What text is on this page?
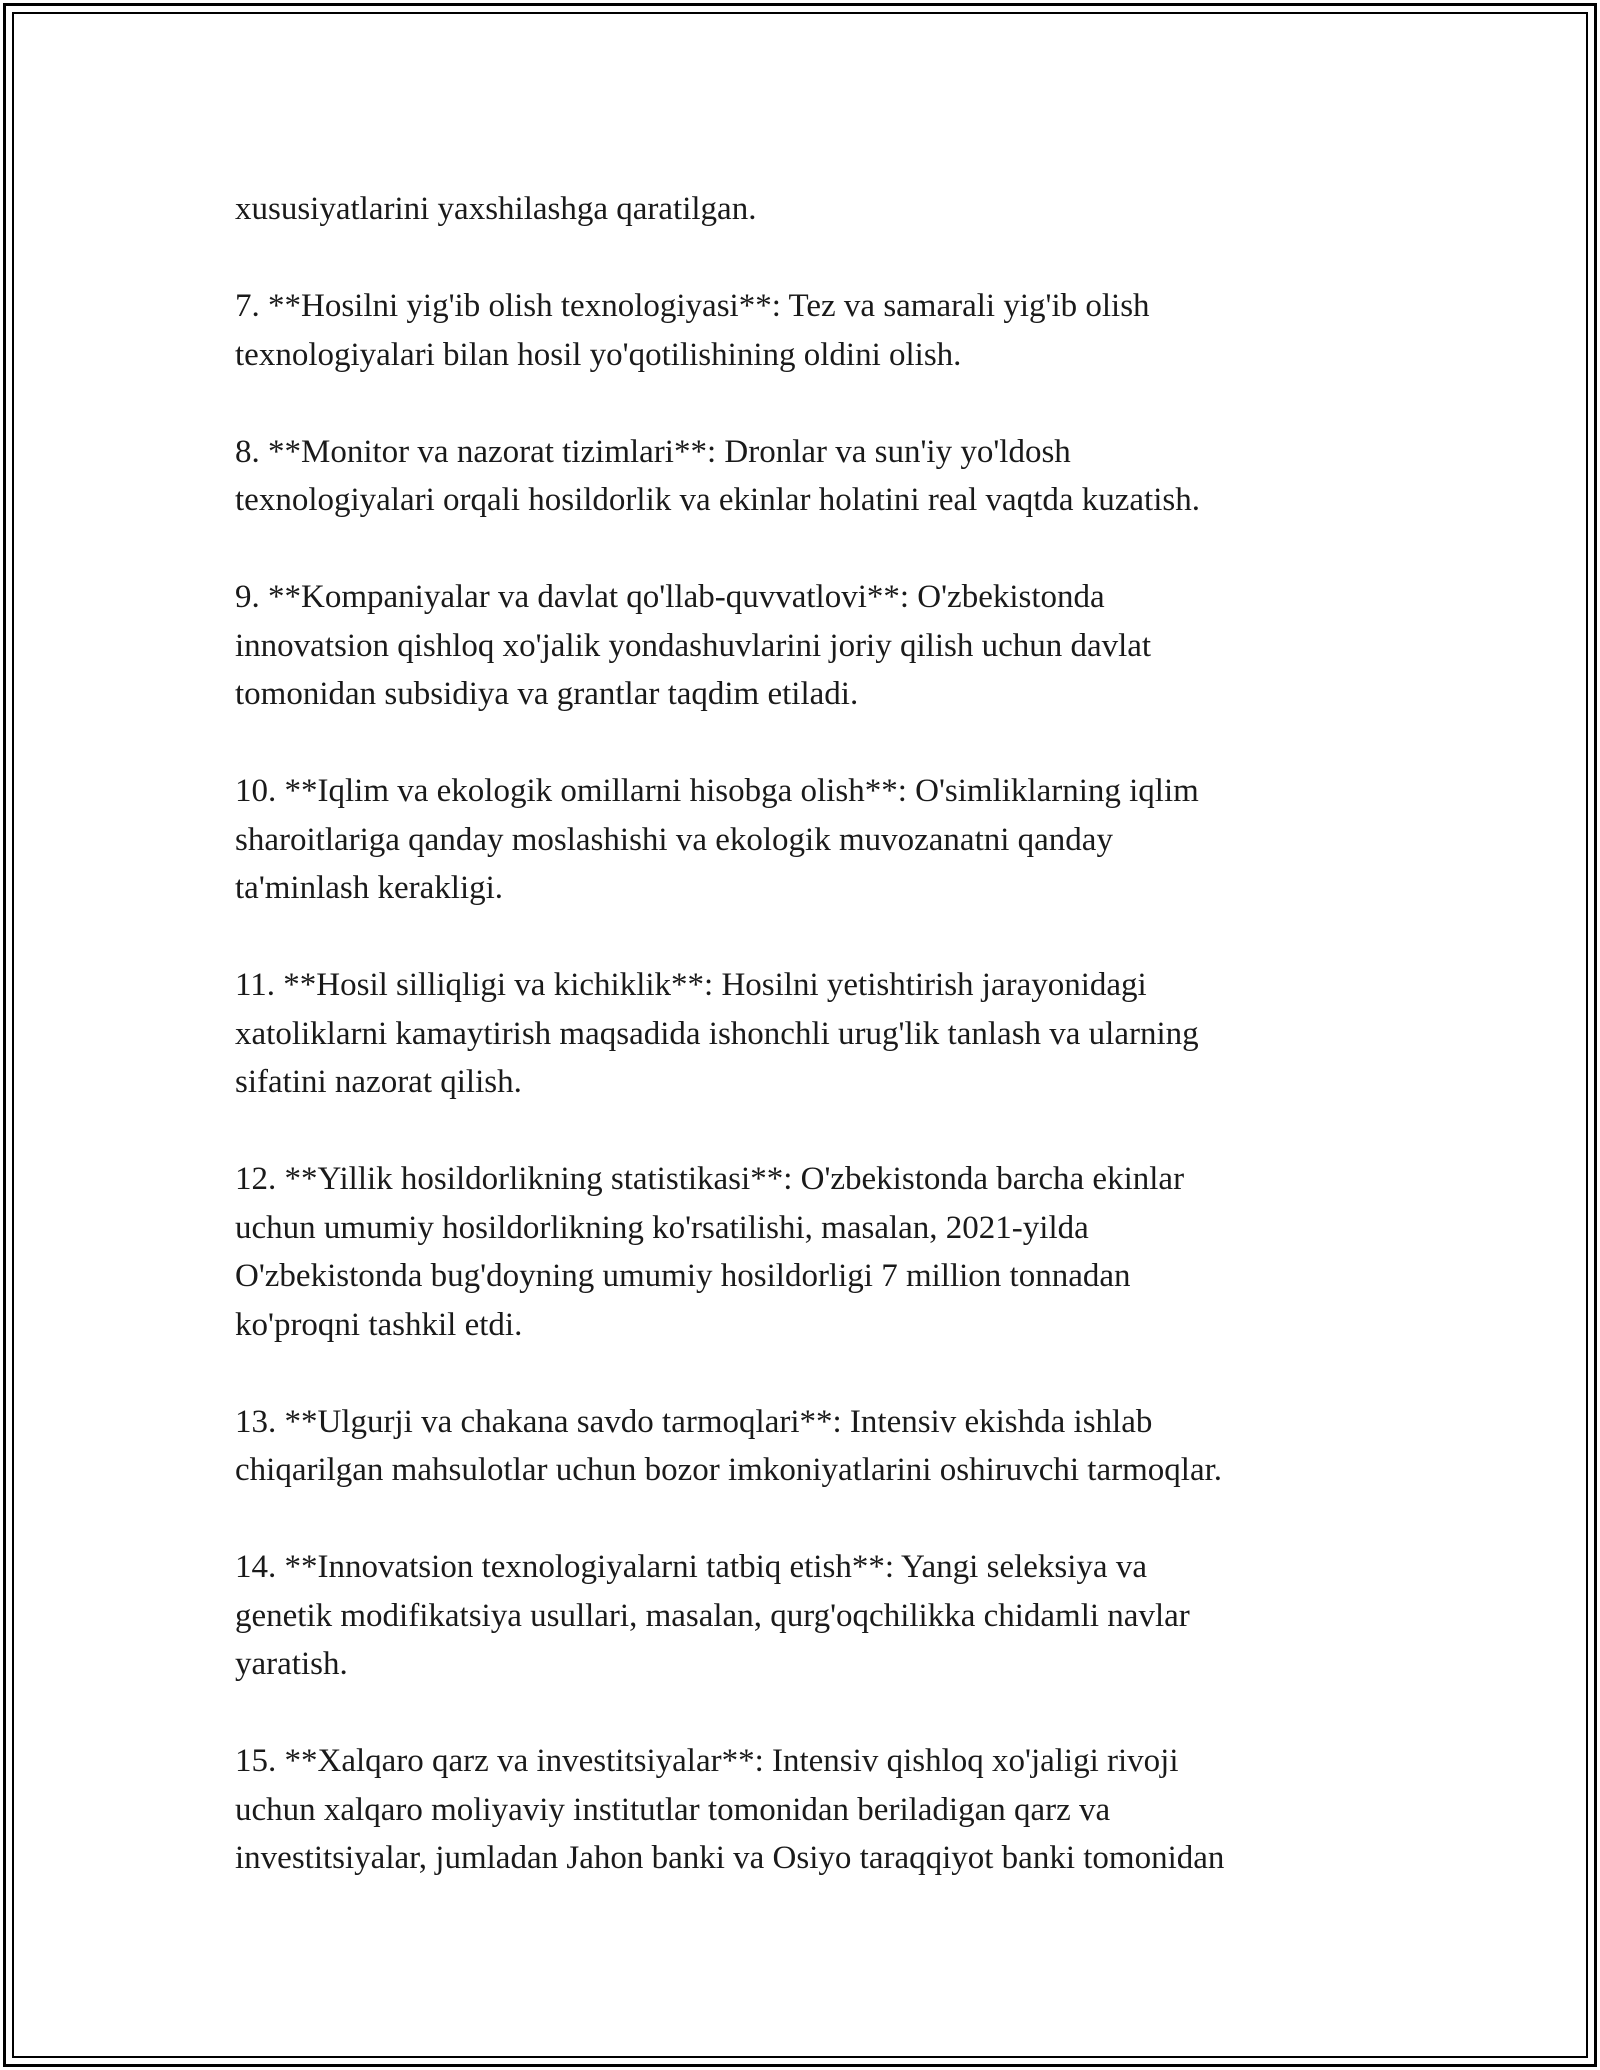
xususiyatlarini yaxshilashga qaratilgan.

7. **Hosilni yig'ib olish texnologiyasi**: Tez va samarali yig'ib olish
texnologiyalari bilan hosil yo'qotilishining oldini olish.

8. **Monitor va nazorat tizimlari**: Dronlar va sun'iy yo'ldosh
texnologiyalari orqali hosildorlik va ekinlar holatini real vaqtda kuzatish.

9. **Kompaniyalar va davlat qo'llab-quvvatlovi**: O'zbekistonda
innovatsion qishloq xo'jalik yondashuvlarini joriy qilish uchun davlat
tomonidan subsidiya va grantlar taqdim etiladi.

10. **Iqlim va ekologik omillarni hisobga olish**: O'simliklarning iqlim
sharoitlariga qanday moslashishi va ekologik muvozanatni qanday
ta'minlash kerakligi.

11. **Hosil silliqligi va kichiklik**: Hosilni yetishtirish jarayonidagi
xatoliklarni kamaytirish maqsadida ishonchli urug'lik tanlash va ularning
sifatini nazorat qilish.

12. **Yillik hosildorlikning statistikasi**: O'zbekistonda barcha ekinlar
uchun umumiy hosildorlikning ko'rsatilishi, masalan, 2021-yilda
O'zbekistonda bug'doyning umumiy hosildorligi 7 million tonnadan
ko'proqni tashkil etdi.

13. **Ulgurji va chakana savdo tarmoqlari**: Intensiv ekishda ishlab
chiqarilgan mahsulotlar uchun bozor imkoniyatlarini oshiruvchi tarmoqlar.

14. **Innovatsion texnologiyalarni tatbiq etish**: Yangi seleksiya va
genetik modifikatsiya usullari, masalan, qurg'oqchilikka chidamli navlar
yaratish.

15. **Xalqaro qarz va investitsiyalar**: Intensiv qishloq xo'jaligi rivoji
uchun xalqaro moliyaviy institutlar tomonidan beriladigan qarz va
investitsiyalar, jumladan Jahon banki va Osiyo taraqqiyot banki tomonidan
